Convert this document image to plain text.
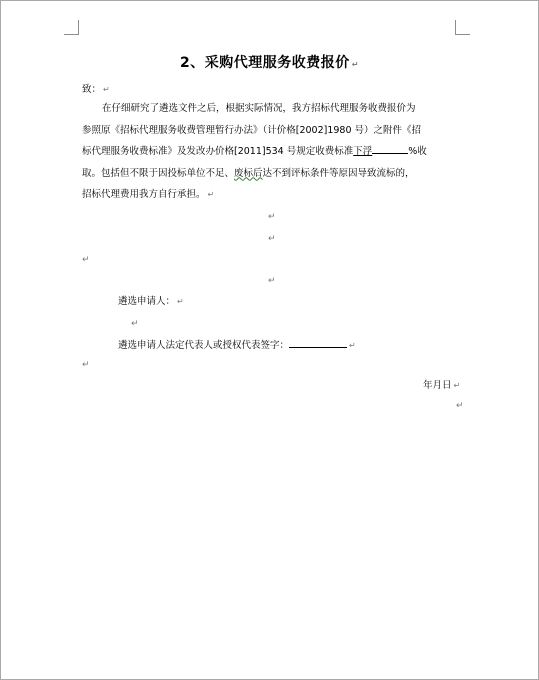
2、采购代理服务收费报价 ↵
致： ↵
在仔细研究了遴选文件之后，根据实际情况，我方招标代理服务收费报价为
参照原《招标代理服务收费管理暂行办法》（计价格[2002]1980 号）之附件《招
标代理服务收费标准》及发改办价格[2011]534 号规定收费标准下浮	%收
取。包括但不限于因投标单位不足、废标后达不到评标条件等原因导致流标的，
招标代理费用我方自行承担。 ↵
↵
↵
↵
↵
遴选申请人： ↵
↵
遴选申请人法定代表人或授权代表签字：	↵
↵
年月日 ↵
↵
